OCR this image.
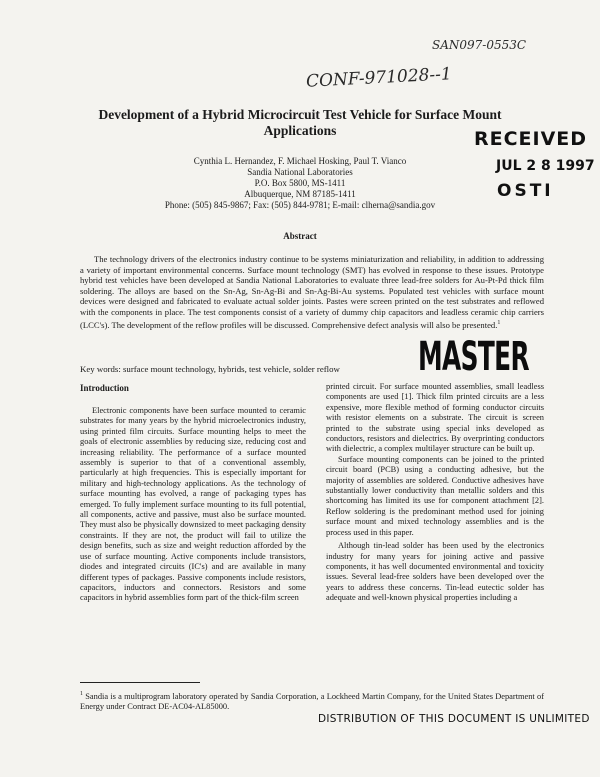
SAN097-0553C
CONF-971028--1
Development of a Hybrid Microcircuit Test Vehicle for Surface Mount
Applications	RECEIVED
JUL 2 8 1997
OSTI
Cynthia L. Hernandez, F. Michael Hosking, Paul T. Vianco
Sandia National Laboratories
P.O. Box 5800, MS-1411
Albuquerque, NM 87185-1411
Phone: (505) 845-9867; Fax: (505) 844-9781; E-mail: clherna@sandia.gov
Abstract
The technology drivers of the electronics industry continue to be systems miniaturization and reliability, in addition to addressing a variety of important environmental concerns. Surface mount technology (SMT) has evolved in response to these issues. Prototype hybrid test vehicles have been developed at Sandia National Laboratories to evaluate three lead-free solders for Au-Pt-Pd thick film soldering. The alloys are based on the Sn-Ag, Sn-Ag-Bi and Sn-Ag-Bi-Au systems. Populated test vehicles with surface mount devices were designed and fabricated to evaluate actual solder joints. Pastes were screen printed on the test substrates and reflowed with the components in place. The test components consist of a variety of dummy chip capacitors and leadless ceramic chip carriers (LCC's). The development of the reflow profiles will be discussed. Comprehensive defect analysis will also be presented.$^1$
MASTER
Key words: surface mount technology, hybrids, test vehicle, solder reflow
Introduction

Electronic components have been surface mounted to ceramic substrates for many years by the hybrid microelectronics industry, using printed film circuits. Surface mounting helps to meet the goals of electronic assemblies by reducing size, reducing cost and increasing reliability. The performance of a surface mounted assembly is superior to that of a conventional assembly, particularly at high frequencies. This is especially important for military and high-technology applications. As the technology of surface mounting has evolved, a range of packaging types has emerged. To fully implement surface mounting to its full potential, all components, active and passive, must also be surface mounted. They must also be physically downsized to meet packaging density constraints. If they are not, the product will fail to utilize the design benefits, such as size and weight reduction afforded by the use of surface mounting. Active components include transistors, diodes and integrated circuits (IC's) and are available in many different types of packages. Passive components include resistors, capacitors, inductors and connectors. Resistors and some capacitors in hybrid assemblies form part of the thick-film screen

printed circuit. For surface mounted assemblies, small leadless components are used [1]. Thick film printed circuits are a less expensive, more flexible method of forming conductor circuits with resistor elements on a substrate. The circuit is screen printed to the substrate using special inks developed as conductors, resistors and dielectrics. By overprinting conductors with dielectric, a complex multilayer structure can be built up.

Surface mounting components can be joined to the printed circuit board (PCB) using a conducting adhesive, but the majority of assemblies are soldered. Conductive adhesives have substantially lower conductivity than metallic solders and this shortcoming has limited its use for component attachment [2]. Reflow soldering is the predominant method used for joining surface mount and mixed technology assemblies and is the process used in this paper.

Although tin-lead solder has been used by the electronics industry for many years for joining active and passive components, it has well documented environmental and toxicity issues. Several lead-free solders have been developed over the years to address these concerns. Tin-lead eutectic solder has adequate and well-known physical properties including a

$^1$ Sandia is a multiprogram laboratory operated by Sandia Corporation, a Lockheed Martin Company, for the United States Department of Energy under Contract DE-AC04-AL85000.
DISTRIBUTION OF THIS DOCUMENT IS UNLIMITED
